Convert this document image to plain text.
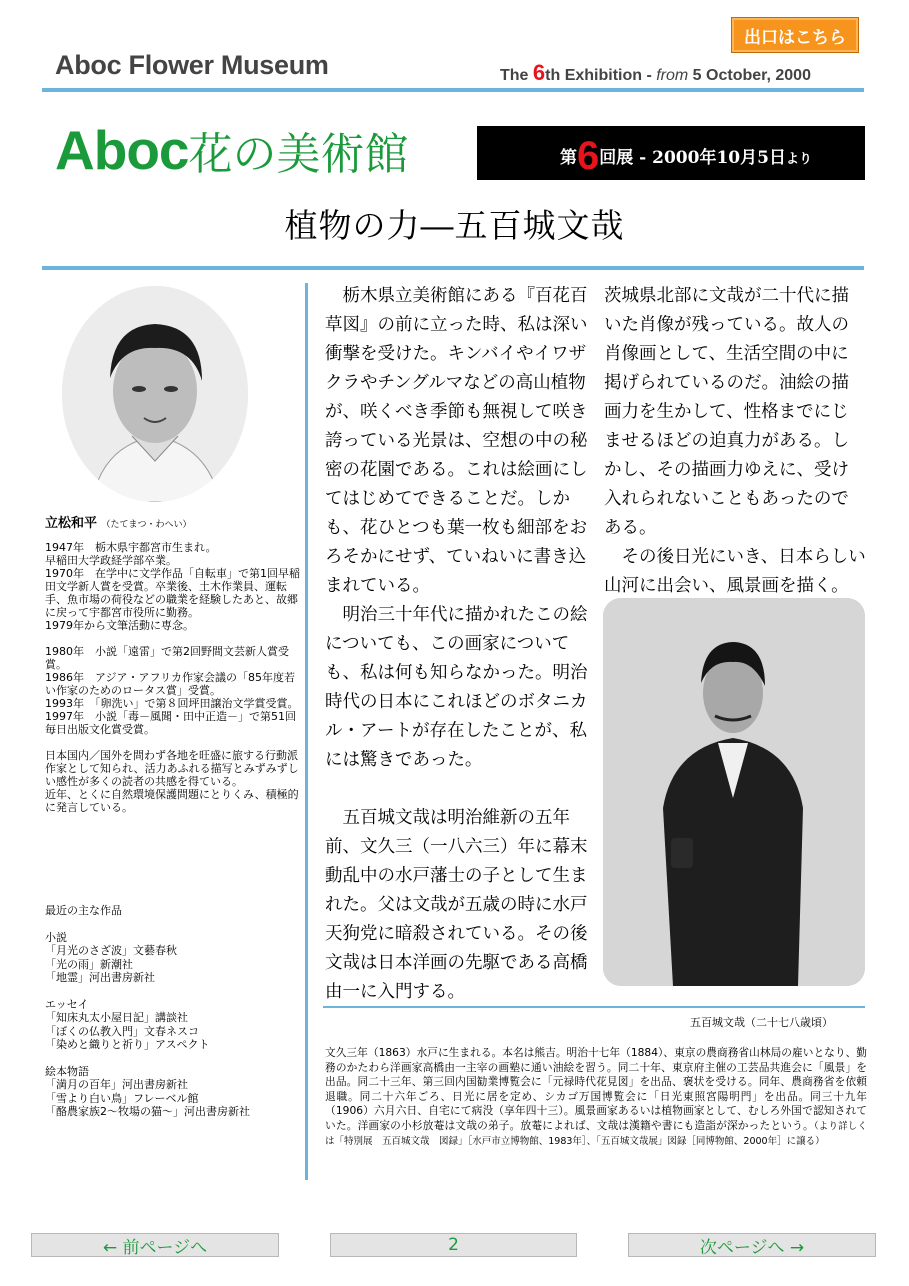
出口はこちら
Aboc Flower Museum	The 6th Exhibition - from 5 October, 2000
Aboc花の美術館	第6回展 - 2000年10月5日より
植物の力―五百城文哉
立松和平 （たてまつ・わへい）

1947年　栃木県宇都宮市生まれ。
早稲田大学政経学部卒業。
1970年　在学中に文学作品「自転車」で第1回早稲田文学新人賞を受賞。卒業後、土木作業員、運転手、魚市場の荷役などの職業を経験したあと、故郷に戻って宇都宮市役所に勤務。
1979年から文筆活動に専念。

1980年　小説「遠雷」で第2回野間文芸新人賞受賞。
1986年　アジア・アフリカ作家会議の「85年度若い作家のためのロータス賞」受賞。
1993年　「卵洗い」で第８回坪田譲治文学賞受賞。
1997年　小説「毒－風聞・田中正造－」で第51回毎日出版文化賞受賞。

日本国内／国外を問わず各地を旺盛に旅する行動派作家として知られ、活力あふれる描写とみずみずしい感性が多くの読者の共感を得ている。
近年、とくに自然環境保護問題にとりくみ、積極的に発言している。

最近の主な作品
小説
「月光のさざ波」文藝春秋
「光の雨」新潮社
「地霊」河出書房新社
エッセイ
「知床丸太小屋日記」講談社
「ぼくの仏教入門」文春ネスコ
「染めと織りと祈り」アスペクト
絵本物語
「満月の百年」河出書房新社
「雪より白い鳥」フレーベル館
「酪農家族2～牧場の猫～」河出書房新社

　栃木県立美術館にある『百花百草図』の前に立った時、私は深い衝撃を受けた。キンバイやイワザクラやチングルマなどの高山植物が、咲くべき季節も無視して咲き誇っている光景は、空想の中の秘密の花園である。これは絵画にしてはじめてできることだ。しかも、花ひとつも葉一枚も細部をおろそかにせず、ていねいに書き込まれている。

　明治三十年代に描かれたこの絵についても、この画家についても、私は何も知らなかった。明治時代の日本にこれほどのボタニカル・アートが存在したことが、私には驚きであった。

　五百城文哉は明治維新の五年前、文久三（一八六三）年に幕末動乱中の水戸藩士の子として生まれた。父は文哉が五歳の時に水戸天狗党に暗殺されている。その後文哉は日本洋画の先駆である高橋由一に入門する。

茨城県北部に文哉が二十代に描いた肖像が残っている。故人の肖像画として、生活空間の中に掲げられているのだ。油絵の描画力を生かして、性格までにじませるほどの迫真力がある。しかし、その描画力ゆえに、受け入れられないこともあったのである。

　その後日光にいき、日本らしい山河に出会い、風景画を描く。

五百城文哉（二十七八歳頃）
文久三年（1863）水戸に生まれる。本名は熊吉。明治十七年（1884）、東京の農商務省山林局の雇いとなり、勤務のかたわら洋画家高橋由一主宰の画塾に通い油絵を習う。同二十年、東京府主催の工芸品共進会に「風景」を出品。同二十三年、第三回内国勧業博覧会に「元禄時代花見図」を出品、褒状を受ける。同年、農商務省を依頼退職。同二十六年ごろ、日光に居を定め、シカゴ万国博覧会に「日光東照宮陽明門」を出品。同三十九年（1906）六月六日、自宅にて病没（享年四十三）。風景画家あるいは植物画家として、むしろ外国で認知されていた。洋画家の小杉放菴は文哉の弟子。放菴によれば、文哉は漢籍や書にも造詣が深かったという。（より詳しくは「特別展　五百城文哉　図録」［水戸市立博物館、1983年］、「五百城文哉展」図録［同博物館、2000年］に譲る）
← 前ページへ	2	次ページへ →
